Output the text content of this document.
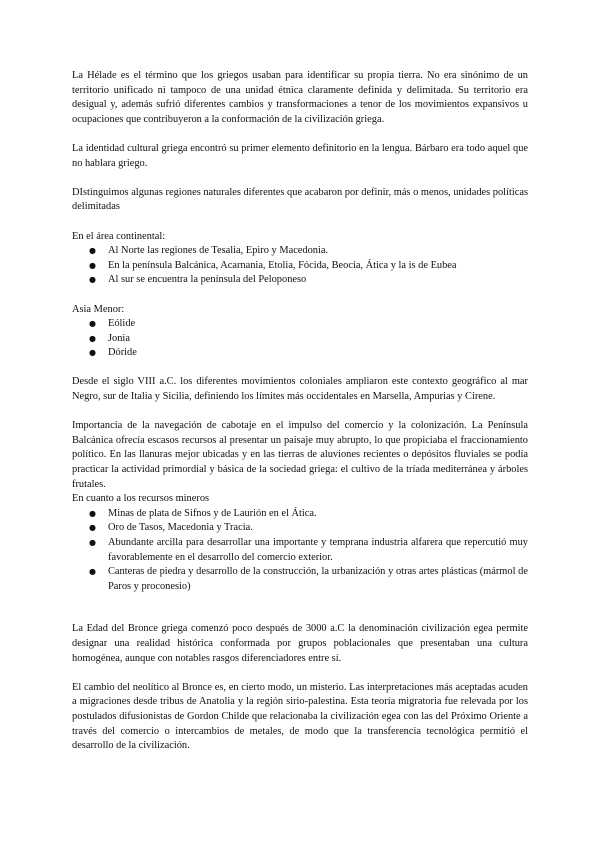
La Hélade es el término que los griegos usaban para identificar su propia tierra. No era sinónimo de un territorio unificado ni tampoco de una unidad étnica claramente definida y delimitada. Su territorio era desigual y, además sufrió diferentes cambios y transformaciones a tenor de los movimientos expansivos u ocupaciones que contribuyeron a la conformación de la civilización griega.

La identidad cultural griega encontró su primer elemento definitorio en la lengua. Bárbaro era todo aquel que no hablara griego.

DIstinguimos algunas regiones naturales diferentes que acabaron por definir, más o menos, unidades políticas delimitadas

En el área continental:

● Al Norte las regiones de Tesalia, Epiro y Macedonia.
● En la península Balcánica, Acarnania, Etolia, Fócida, Beocia, Ática y la is de Eubea
● Al sur se encuentra la península del Peloponeso

Asia Menor:

● Eólide
● Jonia
● Dóride

Desde el siglo VIII a.C. los diferentes movimientos coloniales ampliaron este contexto geográfico al mar Negro, sur de Italia y Sicilia, definiendo los límites más occidentales en Marsella, Ampurias y Cirene.

Importancia de la navegación de cabotaje en el impulso del comercio y la colonización. La Península Balcánica ofrecía escasos recursos al presentar un paisaje muy abrupto, lo que propiciaba el fraccionamiento político. En las llanuras mejor ubicadas y en las tierras de aluviones recientes o depósitos fluviales se podía practicar la actividad primordial y básica de la sociedad griega: el cultivo de la tríada mediterránea y árboles frutales.

En cuanto a los recursos mineros

● Minas de plata de Sifnos y de Laurión en el Ática.
● Oro de Tasos, Macedonia y Tracia.
● Abundante arcilla para desarrollar una importante y temprana industria alfarera que repercutió muy favorablemente en el desarrollo del comercio exterior.
● Canteras de piedra y desarrollo de la construcción, la urbanización y otras artes plásticas (mármol de Paros y proconesio)

La Edad del Bronce griega comenzó poco después de 3000 a.C la denominación civilización egea permite designar una realidad histórica conformada por grupos poblacionales que presentaban una cultura homogénea, aunque con notables rasgos diferenciadores entre sí.

El cambio del neolítico al Bronce es, en cierto modo, un misterio. Las interpretaciones más aceptadas acuden a migraciones desde tribus de Anatolia y la región sirio-palestina. Esta teoría migratoria fue relevada por los postulados difusionistas de Gordon Childe que relacionaba la civilización egea con las del Próximo Oriente a través del comercio o intercambios de metales, de modo que la transferencia tecnológica permitió el desarrollo de la civilización.
